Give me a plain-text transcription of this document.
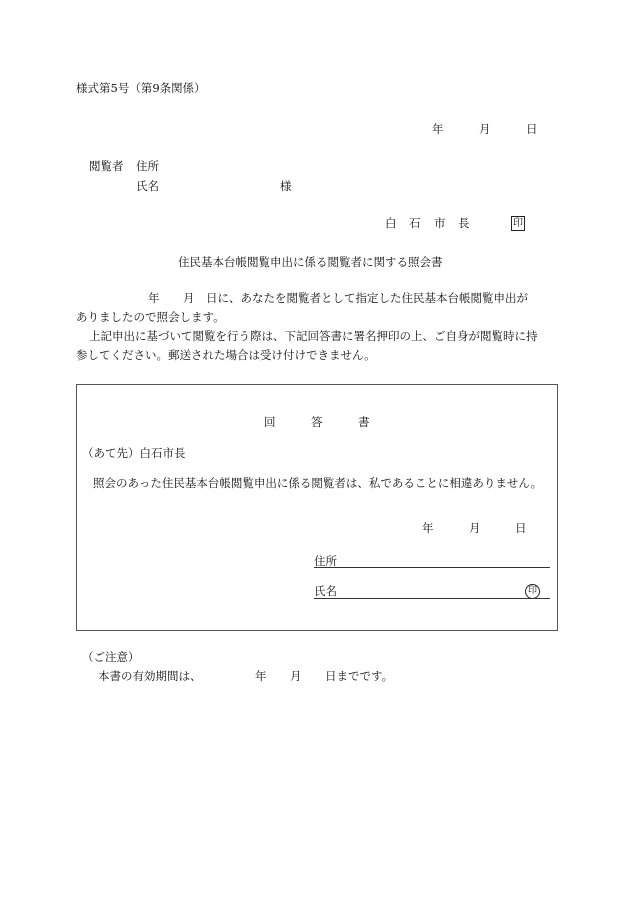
様式第5号（第9条関係）
年	月	日
閲覧者 住所
氏名	様
白 石 市 長	印
住民基本台帳閲覧申出に係る閲覧者に関する照会書
年 月 日に、あなたを閲覧者として指定した住民基本台帳閲覧申出が
ありましたので照会します。
上記申出に基づいて閲覧を行う際は、下記回答書に署名押印の上、ご自身が閲覧時に持
参してください。郵送された場合は受け付けできません。
回	答	書
（あて先）白石市長
照会のあった住民基本台帳閲覧申出に係る閲覧者は、私であることに相違ありません。
年	月	日
住所
氏名	印
（ご注意）
本書の有効期間は、	年 月 日までです。
